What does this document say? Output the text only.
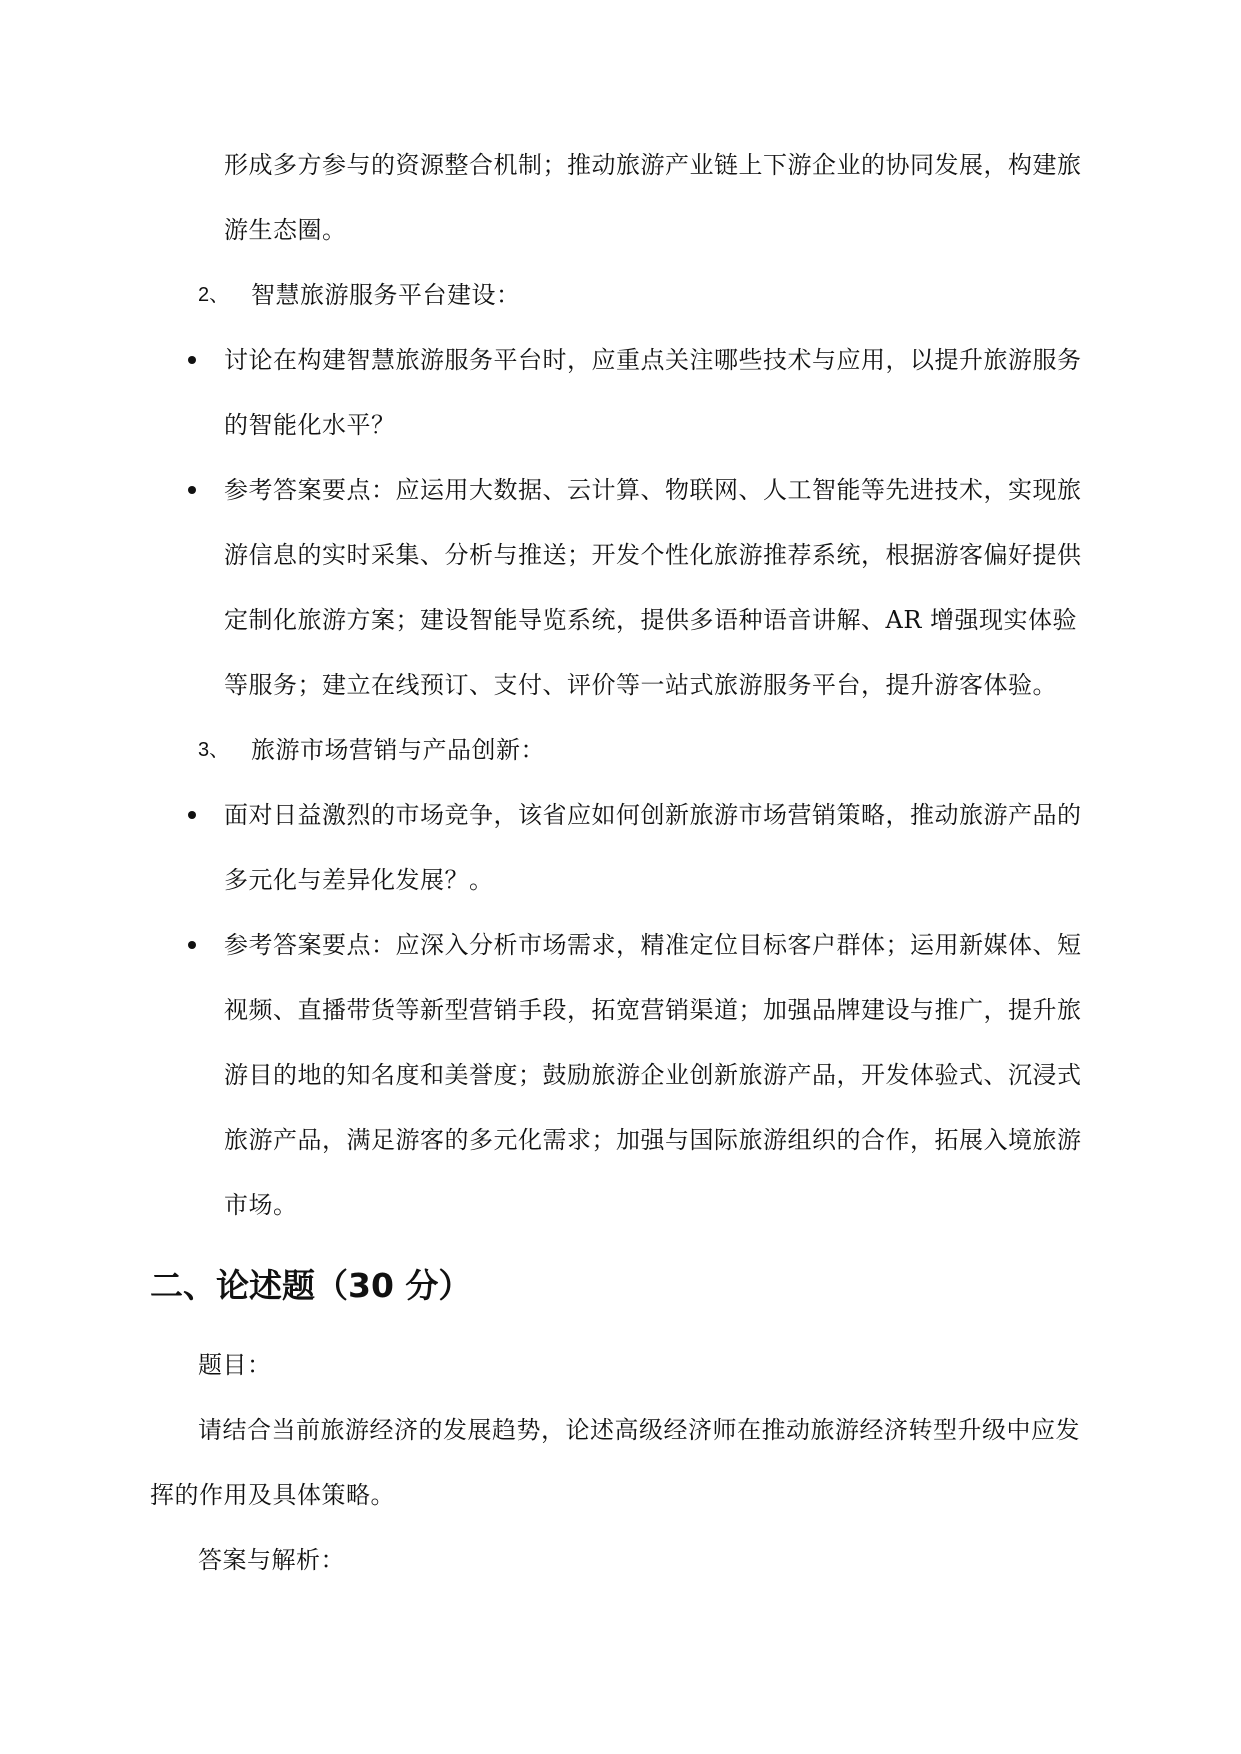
形成多方参与的资源整合机制；推动旅游产业链上下游企业的协同发展，构建旅
游生态圈。
2、 智慧旅游服务平台建设：
讨论在构建智慧旅游服务平台时，应重点关注哪些技术与应用，以提升旅游服务
的智能化水平？
参考答案要点：应运用大数据、云计算、物联网、人工智能等先进技术，实现旅
游信息的实时采集、分析与推送；开发个性化旅游推荐系统，根据游客偏好提供
定制化旅游方案；建设智能导览系统，提供多语种语音讲解、AR 增强现实体验
等服务；建立在线预订、支付、评价等一站式旅游服务平台，提升游客体验。
3、 旅游市场营销与产品创新：
面对日益激烈的市场竞争，该省应如何创新旅游市场营销策略，推动旅游产品的
多元化与差异化发展？。
参考答案要点：应深入分析市场需求，精准定位目标客户群体；运用新媒体、短
视频、直播带货等新型营销手段，拓宽营销渠道；加强品牌建设与推广，提升旅
游目的地的知名度和美誉度；鼓励旅游企业创新旅游产品，开发体验式、沉浸式
旅游产品，满足游客的多元化需求；加强与国际旅游组织的合作，拓展入境旅游
市场。
二、论述题（30 分）
题目：
请结合当前旅游经济的发展趋势，论述高级经济师在推动旅游经济转型升级中应发
挥的作用及具体策略。
答案与解析：
